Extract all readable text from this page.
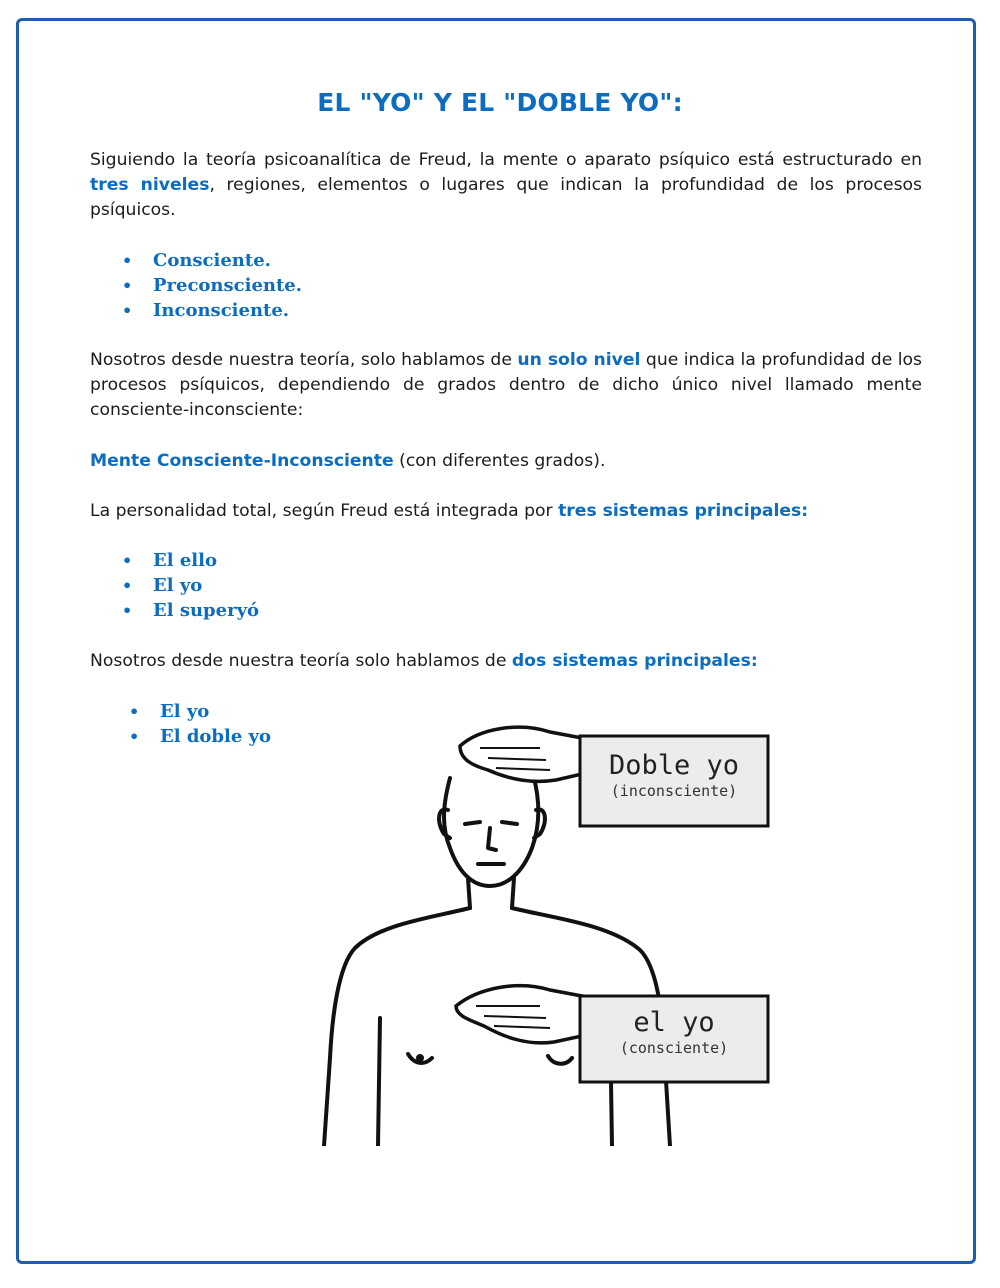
EL "YO" Y EL "DOBLE YO":
Siguiendo la teoría psicoanalítica de Freud, la mente o aparato psíquico está estructurado en tres niveles, regiones, elementos o lugares que indican la profundidad de los procesos psíquicos.
• Consciente.
• Preconsciente.
• Inconsciente.
Nosotros desde nuestra teoría, solo hablamos de un solo nivel que indica la profundidad de los procesos psíquicos, dependiendo de grados dentro de dicho único nivel llamado mente consciente-inconsciente:
Mente Consciente-Inconsciente (con diferentes grados).
La personalidad total, según Freud está integrada por tres sistemas principales:
• El ello
• El yo
• El superyó
Nosotros desde nuestra teoría solo hablamos de dos sistemas principales:
• El yo
• El doble yo
Doble yo
(inconsciente)
el yo
(consciente)
